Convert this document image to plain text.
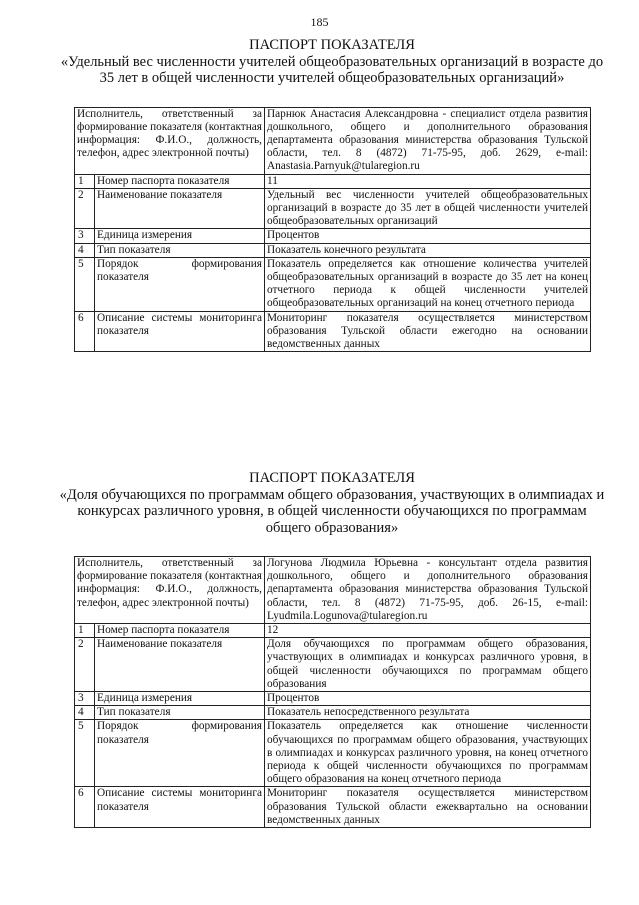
185
ПАСПОРТ ПОКАЗАТЕЛЯ
«Удельный вес численности учителей общеобразовательных организаций в возрасте до 35 лет в общей численности учителей общеобразовательных организаций»
Исполнитель, ответственный за формирование показателя (контактная информация: Ф.И.О., должность, телефон, адрес электронной почты)		Парнюк Анастасия Александровна - специалист отдела развития дошкольного, общего и дополнительного образования департамента образования министерства образования Тульской области, тел. 8 (4872) 71-75-95, доб. 2629, e-mail: Anastasia.Parnyuk@tularegion.ru
1	Номер паспорта показателя	11
2	Наименование показателя	Удельный вес численности учителей общеобразовательных организаций в возрасте до 35 лет в общей численности учителей общеобразовательных организаций
3	Единица измерения	Процентов
4	Тип показателя	Показатель конечного результата
5	Порядок формирования показателя	Показатель определяется как отношение количества учителей общеобразовательных организаций в возрасте до 35 лет на конец отчетного периода к общей численности учителей общеобразовательных организаций на конец отчетного периода
6	Описание системы мониторинга показателя	Мониторинг показателя осуществляется министерством образования Тульской области ежегодно на основании ведомственных данных
ПАСПОРТ ПОКАЗАТЕЛЯ
«Доля обучающихся по программам общего образования, участвующих в олимпиадах и конкурсах различного уровня, в общей численности обучающихся по программам общего образования»
Исполнитель, ответственный за формирование показателя (контактная информация: Ф.И.О., должность, телефон, адрес электронной почты)		Логунова Людмила Юрьевна - консультант отдела развития дошкольного, общего и дополнительного образования департамента образования министерства образования Тульской области, тел. 8 (4872) 71-75-95, доб. 26-15, e-mail: Lyudmila.Logunova@tularegion.ru
1	Номер паспорта показателя	12
2	Наименование показателя	Доля обучающихся по программам общего образования, участвующих в олимпиадах и конкурсах различного уровня, в общей численности обучающихся по программам общего образования
3	Единица измерения	Процентов
4	Тип показателя	Показатель непосредственного результата
5	Порядок формирования показателя	Показатель определяется как отношение численности обучающихся по программам общего образования, участвующих в олимпиадах и конкурсах различного уровня, на конец отчетного периода к общей численности обучающихся по программам общего образования на конец отчетного периода
6	Описание системы мониторинга показателя	Мониторинг показателя осуществляется министерством образования Тульской области ежеквартально на основании ведомственных данных
